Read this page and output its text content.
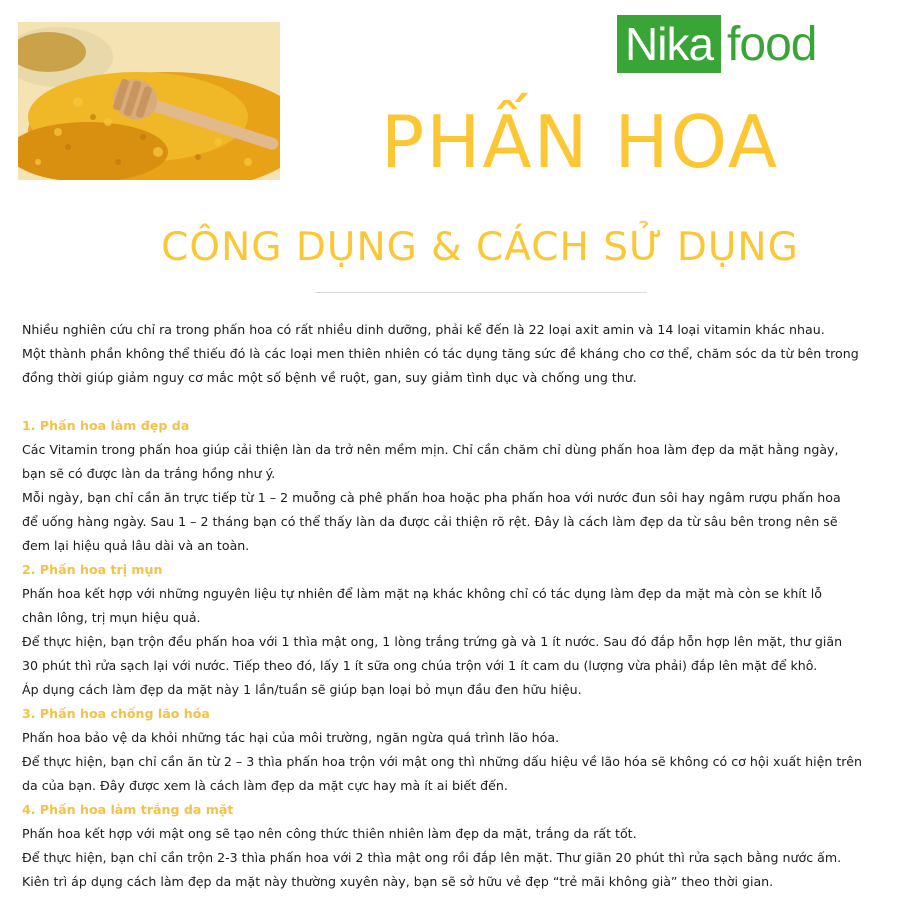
Nika food
PHẤN HOA
CÔNG DỤNG & CÁCH SỬ DỤNG

Nhiều nghiên cứu chỉ ra trong phấn hoa có rất nhiều dinh dưỡng, phải kể đến là 22 loại axit amin và 14 loại vitamin khác nhau.

Một thành phần không thể thiếu đó là các loại men thiên nhiên có tác dụng tăng sức đề kháng cho cơ thể, chăm sóc da từ bên trong

đồng thời giúp giảm nguy cơ mắc một số bệnh về ruột, gan, suy giảm tình dục và chống ung thư.

1. Phấn hoa làm đẹp da

Các Vitamin trong phấn hoa giúp cải thiện làn da trở nên mềm mịn. Chỉ cần chăm chỉ dùng phấn hoa làm đẹp da mặt hằng ngày,

bạn sẽ có được làn da trắng hồng như ý.

Mỗi ngày, bạn chỉ cần ăn trực tiếp từ 1 – 2 muỗng cà phê phấn hoa hoặc pha phấn hoa với nước đun sôi hay ngâm rượu phấn hoa

để uống hàng ngày. Sau 1 – 2 tháng bạn có thể thấy làn da được cải thiện rõ rệt. Đây là cách làm đẹp da từ sâu bên trong nên sẽ

đem lại hiệu quả lâu dài và an toàn.

2. Phấn hoa trị mụn

Phấn hoa kết hợp với những nguyên liệu tự nhiên để làm mặt nạ khác không chỉ có tác dụng làm đẹp da mặt mà còn se khít lỗ

chân lông, trị mụn hiệu quả.

Để thực hiện, bạn trộn đều phấn hoa với 1 thìa mật ong, 1 lòng trắng trứng gà và 1 ít nước. Sau đó đắp hỗn hợp lên mặt, thư giãn

30 phút thì rửa sạch lại với nước. Tiếp theo đó, lấy 1 ít sữa ong chúa trộn với 1 ít cam du (lượng vừa phải) đắp lên mặt để khô.

Áp dụng cách làm đẹp da mặt này 1 lần/tuần sẽ giúp bạn loại bỏ mụn đầu đen hữu hiệu.

3. Phấn hoa chống lão hóa

Phấn hoa bảo vệ da khỏi những tác hại của môi trường, ngăn ngừa quá trình lão hóa.

Để thực hiện, bạn chỉ cần ăn từ 2 – 3 thìa phấn hoa trộn với mật ong thì những dấu hiệu về lão hóa sẽ không có cơ hội xuất hiện trên

da của bạn. Đây được xem là cách làm đẹp da mặt cực hay mà ít ai biết đến.

4. Phấn hoa làm trắng da mặt

Phấn hoa kết hợp với mật ong sẽ tạo nên công thức thiên nhiên làm đẹp da mặt, trắng da rất tốt.

Để thực hiện, bạn chỉ cần trộn 2-3 thìa phấn hoa với 2 thìa mật ong rồi đắp lên mặt. Thư giãn 20 phút thì rửa sạch bằng nước ấm.

Kiên trì áp dụng cách làm đẹp da mặt này thường xuyên này, bạn sẽ sở hữu vẻ đẹp “trẻ mãi không già” theo thời gian.
